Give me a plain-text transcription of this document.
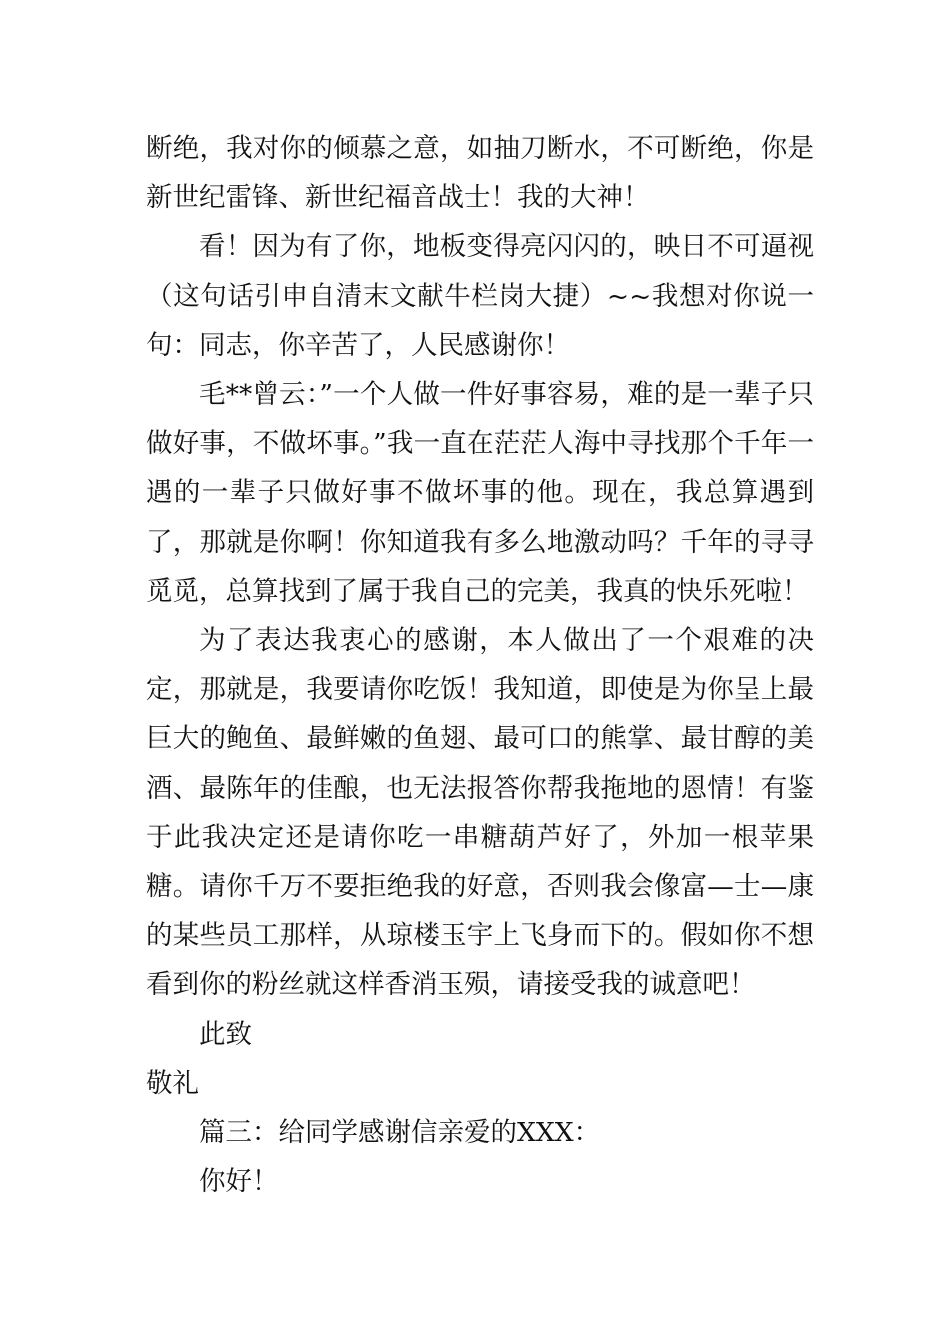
断绝，我对你的倾慕之意，如抽刀断水，不可断绝，你是新世纪雷锋、新世纪福音战士！我的大神！

看！因为有了你，地板变得亮闪闪的，映日不可逼视（这句话引申自清末文献牛栏岗大捷）~~我想对你说一句：同志，你辛苦了，人民感谢你！

毛**曾云：”一个人做一件好事容易，难的是一辈子只做好事，不做坏事。”我一直在茫茫人海中寻找那个千年一遇的一辈子只做好事不做坏事的他。现在，我总算遇到了，那就是你啊！你知道我有多么地激动吗？千年的寻寻觅觅，总算找到了属于我自己的完美，我真的快乐死啦！

为了表达我衷心的感谢，本人做出了一个艰难的决定，那就是，我要请你吃饭！我知道，即使是为你呈上最巨大的鲍鱼、最鲜嫩的鱼翅、最可口的熊掌、最甘醇的美酒、最陈年的佳酿，也无法报答你帮我拖地的恩情！有鉴于此我决定还是请你吃一串糖葫芦好了，外加一根苹果糖。请你千万不要拒绝我的好意，否则我会像富—士—康的某些员工那样，从琼楼玉宇上飞身而下的。假如你不想看到你的粉丝就这样香消玉殒，请接受我的诚意吧！

此致

敬礼

篇三：给同学感谢信亲爱的XXX：

你好！
